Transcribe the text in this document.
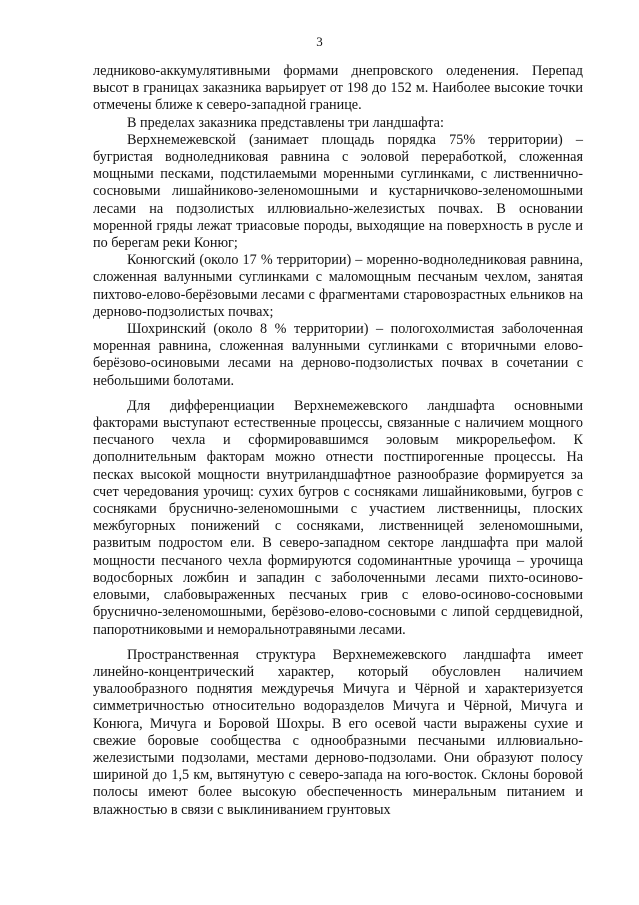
3

ледниково-аккумулятивными формами днепровского оледенения. Перепад высот в границах заказника варьирует от 198 до 152 м. Наиболее высокие точки отмечены ближе к северо-западной границе.

В пределах заказника представлены три ландшафта:

Верхнемежевской (занимает площадь порядка 75% территории) – бугристая водноледниковая равнина с эоловой переработкой, сложенная мощными песками, подстилаемыми моренными суглинками, с лиственнично-сосновыми лишайниково-зеленомошными и кустарничково-зеленомошными лесами на подзолистых иллювиально-железистых почвах. В основании моренной гряды лежат триасовые породы, выходящие на поверхность в русле и по берегам реки Конюг;

Конюгский (около 17 % территории) – моренно-водноледниковая равнина, сложенная валунными суглинками с маломощным песчаным чехлом, занятая пихтово-елово-берёзовыми лесами с фрагментами старовозрастных ельников на дерново-подзолистых почвах;

Шохринский (около 8 % территории) – пологохолмистая заболоченная моренная равнина, сложенная валунными суглинками с вторичными елово-берёзово-осиновыми лесами на дерново-подзолистых почвах в сочетании с небольшими болотами.

Для дифференциации Верхнемежевского ландшафта основными факторами выступают естественные процессы, связанные с наличием мощного песчаного чехла и сформировавшимся эоловым микрорельефом. К дополнительным факторам можно отнести постпирогенные процессы. На песках высокой мощности внутриландшафтное разнообразие формируется за счет чередования урочищ: сухих бугров с сосняками лишайниковыми, бугров с сосняками бруснично-зеленомошными с участием лиственницы, плоских межбугорных понижений с сосняками, лиственницей зеленомошными, развитым подростом ели. В северо-западном секторе ландшафта при малой мощности песчаного чехла формируются содоминантные урочища – урочища водосборных ложбин и западин с заболоченными лесами пихто-осиново-еловыми, слабовыраженных песчаных грив с елово-осиново-сосновыми бруснично-зеленомошными, берёзово-елово-сосновыми с липой сердцевидной, папоротниковыми и неморальнотравяными лесами.

Пространственная структура Верхнемежевского ландшафта имеет линейно-концентрический характер, который обусловлен наличием увалообразного поднятия междуречья Мичуга и Чёрной и характеризуется симметричностью относительно водоразделов Мичуга и Чёрной, Мичуга и Конюга, Мичуга и Боровой Шохры. В его осевой части выражены сухие и свежие боровые сообщества с однообразными песчаными иллювиально-железистыми подзолами, местами дерново-подзолами. Они образуют полосу шириной до 1,5 км, вытянутую с северо-запада на юго-восток. Склоны боровой полосы имеют более высокую обеспеченность минеральным питанием и влажностью в связи с выклиниванием грунтовых
